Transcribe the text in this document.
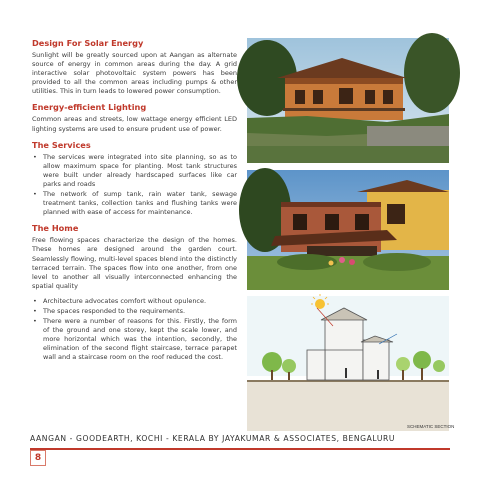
Design For Solar Energy
Sunlight will be greatly sourced upon at Aangan as alternate source of energy in common areas during the day. A grid interactive solar photovoltaic system powers has been provided to all the common areas including pumps & other utilities. This in turn leads to lowered power consumption.
Energy-efficient Lighting
Common areas and streets, low wattage energy efficient LED lighting systems are used to ensure prudent use of power.
The Services
• The services were integrated into site planning, so as to allow maximum space for planting. Most tank structures were built under already hardscaped surfaces like car parks and roads
• The network of sump tank, rain water tank, sewage treatment tanks, collection tanks and flushing tanks were planned with ease of access for maintenance.
The Home
Free flowing spaces characterize the design of the homes. These homes are designed around the garden court. Seamlessly flowing, multi-level spaces blend into the distinctly terraced terrain. The spaces flow into one another, from one level to another all visually interconnected enhancing the spatial quality
• Architecture advocates comfort without opulence.
• The spaces responded to the requirements.
• There were a number of reasons for this. Firstly, the form of the ground and one storey, kept the scale lower, and more horizontal which was the intention, secondly, the elimination of the second flight staircase, terrace parapet wall and a staircase room on the roof reduced the cost.
SCHEMATIC SECTION
AANGAN - GOODEARTH, KOCHI - KERALA BY JAYAKUMAR & ASSOCIATES, BENGALURU
8
